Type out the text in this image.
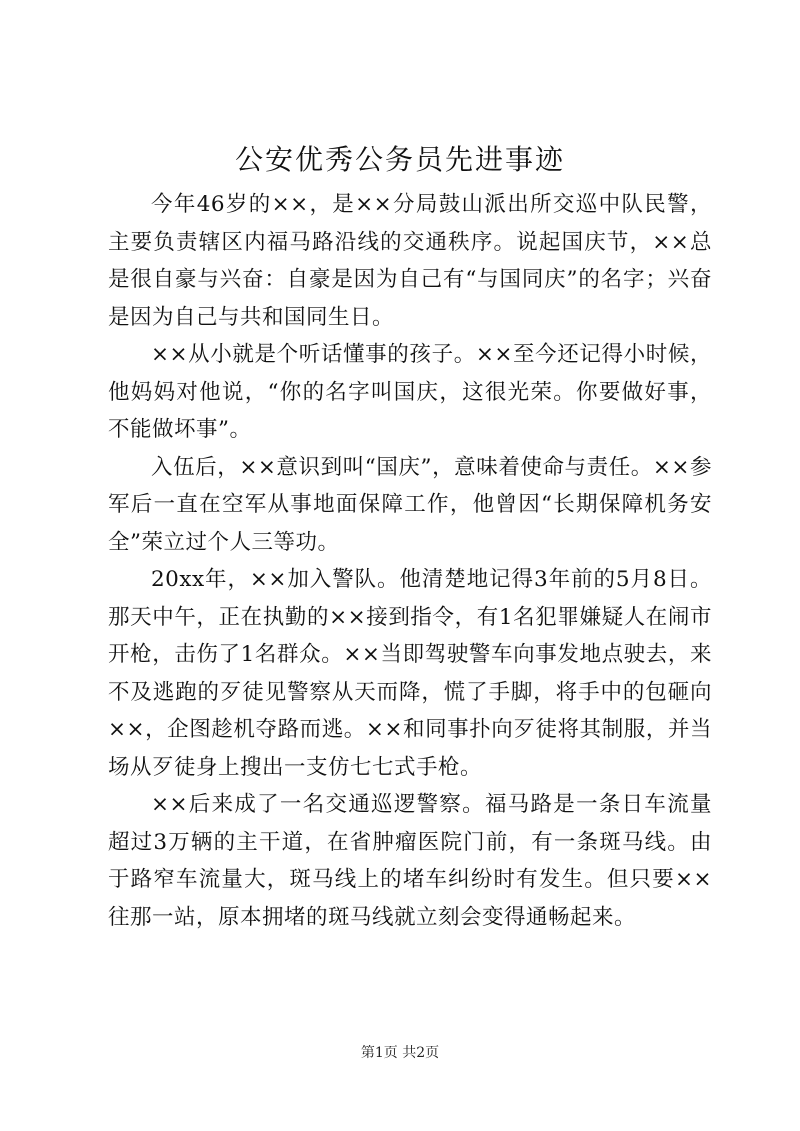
公安优秀公务员先进事迹

今年46岁的××，是××分局鼓山派出所交巡中队民警，主要负责辖区内福马路沿线的交通秩序。说起国庆节，××总是很自豪与兴奋：自豪是因为自己有“与国同庆”的名字；兴奋是因为自己与共和国同生日。

××从小就是个听话懂事的孩子。××至今还记得小时候，他妈妈对他说，“你的名字叫国庆，这很光荣。你要做好事，不能做坏事”。

入伍后，××意识到叫“国庆”，意味着使命与责任。××参军后一直在空军从事地面保障工作，他曾因“长期保障机务安全”荣立过个人三等功。

20xx年，××加入警队。他清楚地记得3年前的5月8日。那天中午，正在执勤的××接到指令，有1名犯罪嫌疑人在闹市开枪，击伤了1名群众。××当即驾驶警车向事发地点驶去，来不及逃跑的歹徒见警察从天而降，慌了手脚，将手中的包砸向××，企图趁机夺路而逃。××和同事扑向歹徒将其制服，并当场从歹徒身上搜出一支仿七七式手枪。

××后来成了一名交通巡逻警察。福马路是一条日车流量超过3万辆的主干道，在省肿瘤医院门前，有一条斑马线。由于路窄车流量大，斑马线上的堵车纠纷时有发生。但只要××往那一站，原本拥堵的斑马线就立刻会变得通畅起来。

第1页 共2页
